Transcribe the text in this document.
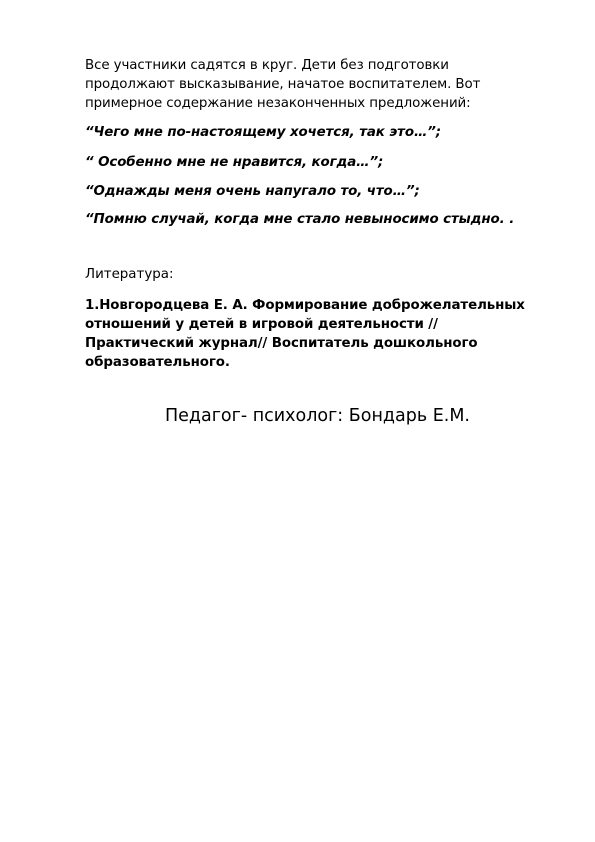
Все участники садятся в круг. Дети без подготовки продолжают высказывание, начатое воспитателем. Вот примерное содержание незаконченных предложений:

“Чего мне по-настоящему хочется, так это…”;

“ Особенно мне не нравится, когда…”;

“Однажды меня очень напугало то, что…”;

“Помню случай, когда мне стало невыносимо стыдно. .

Литература:

1.Новгородцева Е. А. Формирование доброжелательных отношений у детей в игровой деятельности //Практический журнал// Воспитатель дошкольного образовательного.

Педагог- психолог: Бондарь Е.М.
